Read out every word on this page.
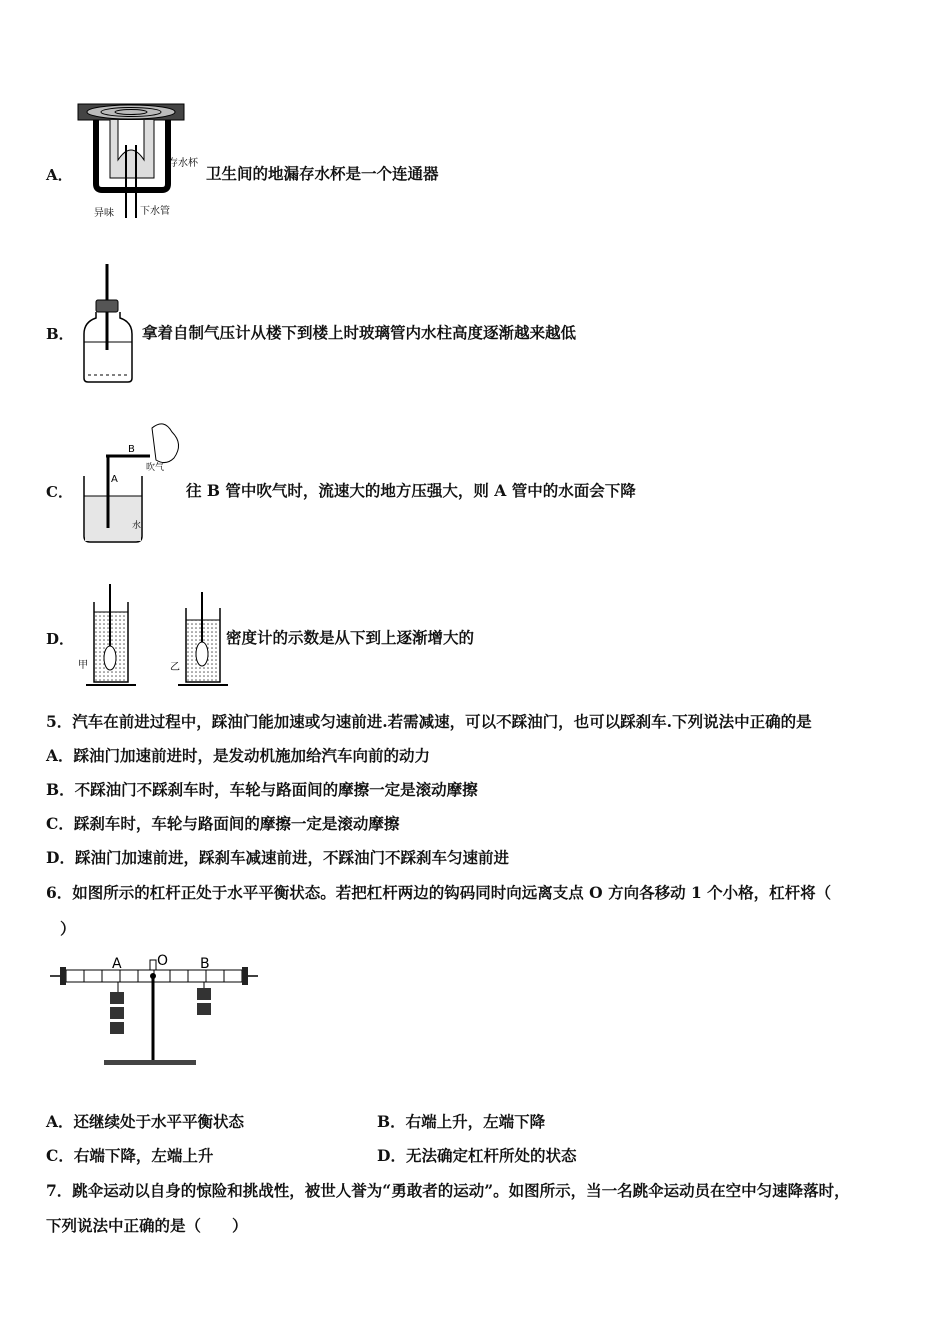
A．
存水杯
异味	下水管
卫生间的地漏存水杯是一个连通器
B．	拿着自制气压计从楼下到楼上时玻璃管内水柱高度逐渐越来越低
C．
B
A
吹气
水
往 B 管中吹气时，流速大的地方压强大，则 A 管中的水面会下降
D．
甲	乙
密度计的示数是从下到上逐渐增大的
5．汽车在前进过程中，踩油门能加速或匀速前进.若需减速，可以不踩油门，也可以踩刹车.下列说法中正确的是
A．踩油门加速前进时，是发动机施加给汽车向前的动力
B．不踩油门不踩刹车时，车轮与路面间的摩擦一定是滚动摩擦
C．踩刹车时，车轮与路面间的摩擦一定是滚动摩擦
D．踩油门加速前进，踩刹车减速前进，不踩油门不踩刹车匀速前进
6．如图所示的杠杆正处于水平平衡状态。若把杠杆两边的钩码同时向远离支点 O 方向各移动 1 个小格，杠杆将（
）
A	O B
A．还继续处于水平平衡状态	B．右端上升，左端下降
C．右端下降，左端上升	D．无法确定杠杆所处的状态
7．跳伞运动以自身的惊险和挑战性，被世人誉为“勇敢者的运动”。如图所示，当一名跳伞运动员在空中匀速降落时，
下列说法中正确的是（　　）
